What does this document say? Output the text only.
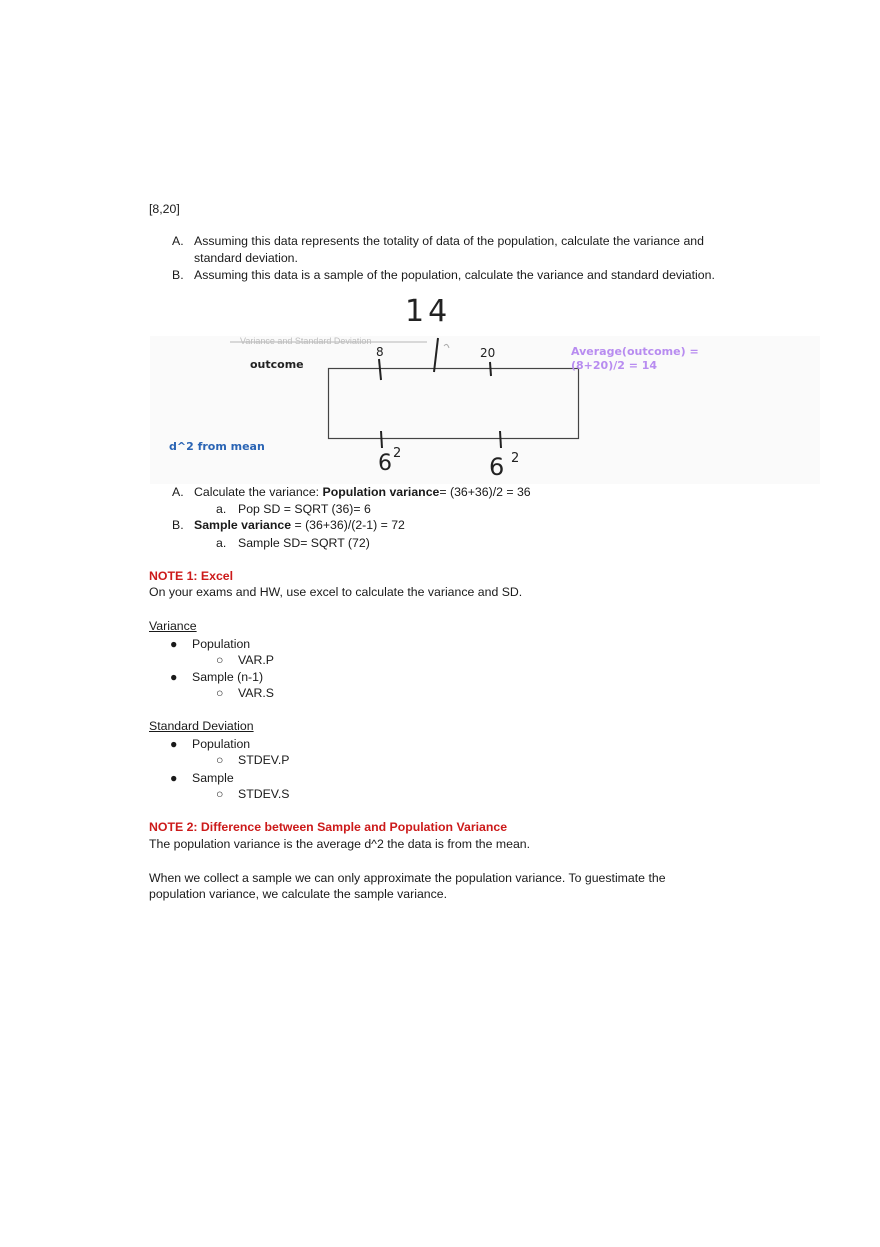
[8,20]
A. Assuming this data represents the totality of data of the population, calculate the variance and
standard deviation.
B. Assuming this data is a sample of the population, calculate the variance and standard deviation.
Variance and Standard Deviation
14
8	20
outcome
Average(outcome) =
(8+20)/2 = 14
d^2 from mean
6 2	6 2
A. Calculate the variance: Population variance= (36+36)/2 = 36
a. Pop SD = SQRT (36)= 6
B. Sample variance = (36+36)/(2-1) = 72
a. Sample SD= SQRT (72)
NOTE 1: Excel
On your exams and HW, use excel to calculate the variance and SD.
Variance
● Population
○ VAR.P
● Sample (n-1)
○ VAR.S
Standard Deviation
● Population
○ STDEV.P
● Sample
○ STDEV.S
NOTE 2: Difference between Sample and Population Variance
The population variance is the average d^2 the data is from the mean.
When we collect a sample we can only approximate the population variance. To guestimate the
population variance, we calculate the sample variance.
